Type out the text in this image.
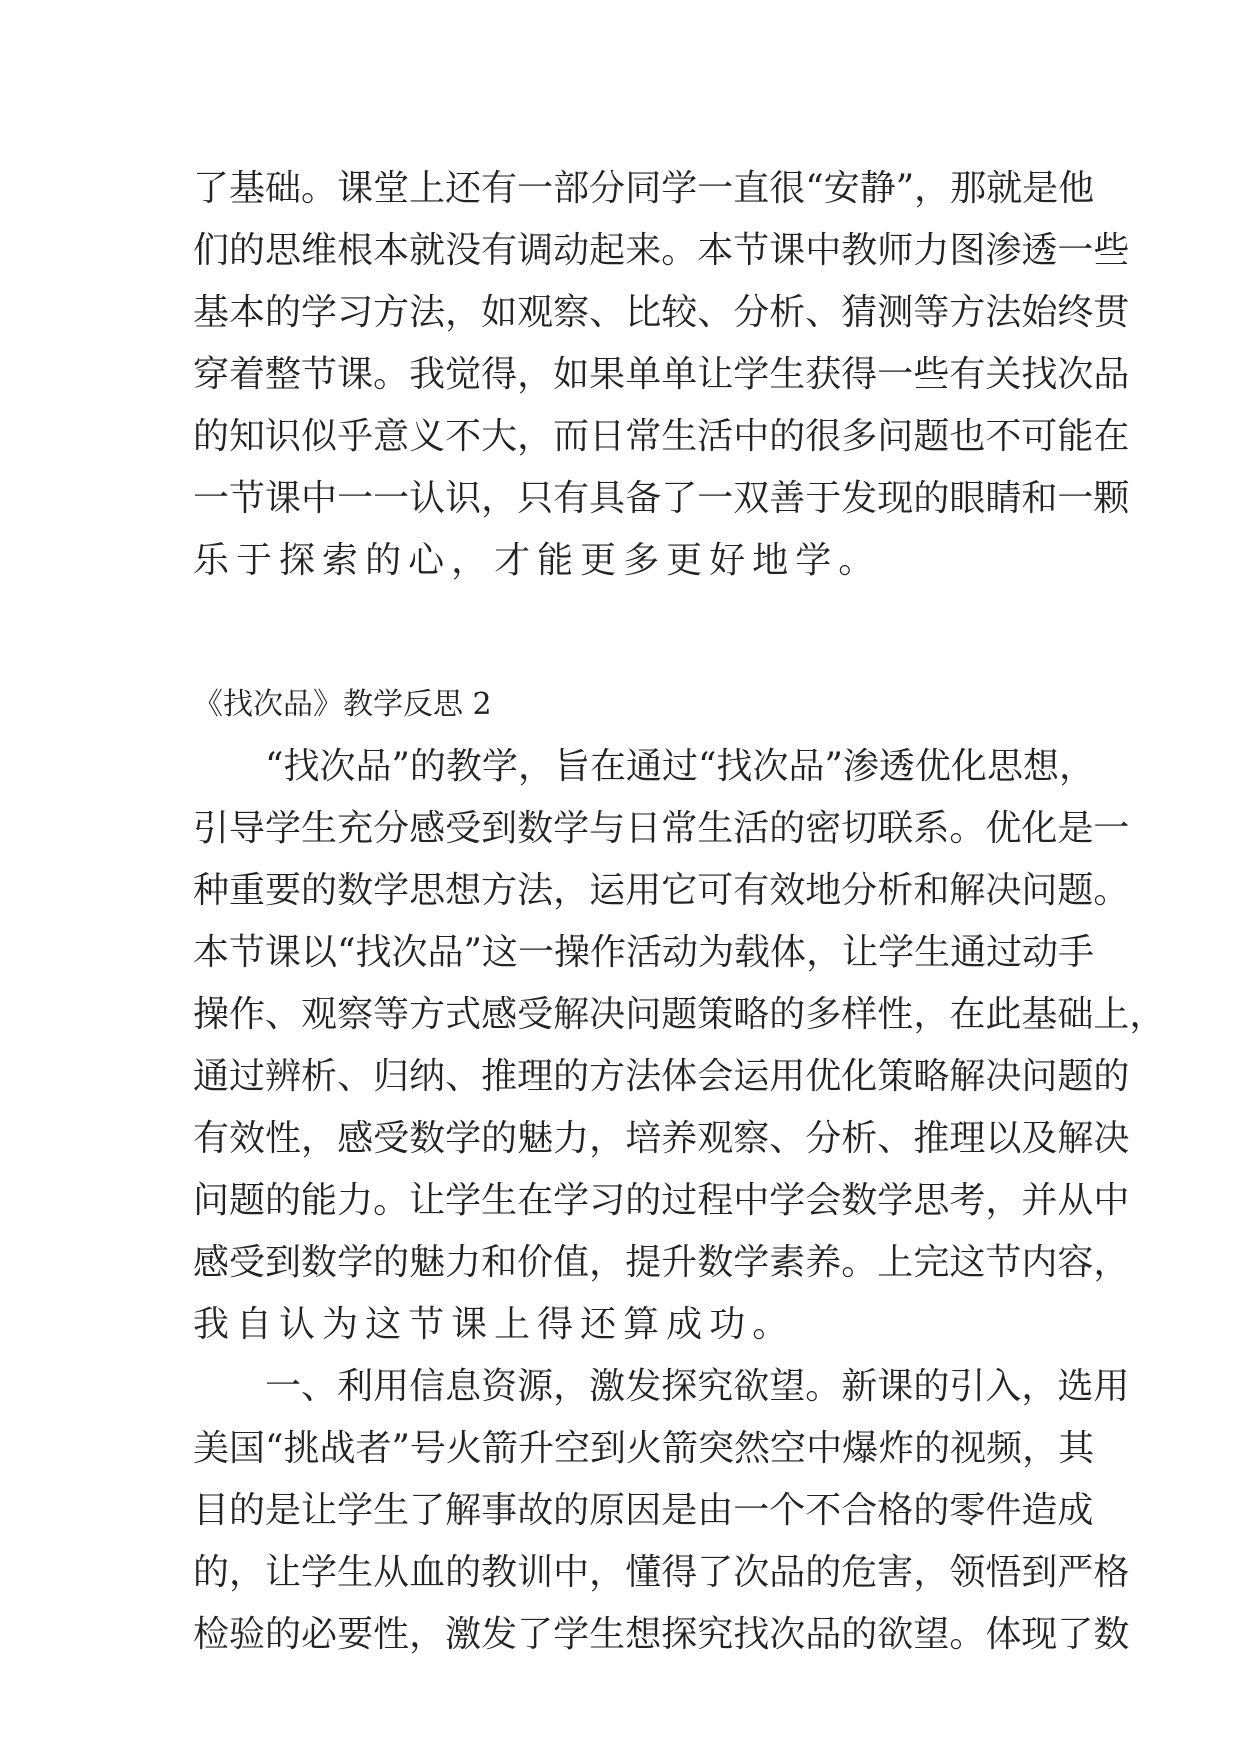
了 基 础 。 课 堂 上 还 有 一 部 分 同 学 一 直 很 “ 安 静 ” ， 那 就 是 他
们 的 思 维 根 本 就 没 有 调 动 起 来 。 本 节 课 中 教 师 力 图 渗 透 一 些
基 本 的 学 习 方 法 ， 如 观 察 、 比 较 、 分 析 、 猜 测 等 方 法 始 终 贯
穿 着 整 节 课 。 我 觉 得 ， 如 果 单 单 让 学 生 获 得 一 些 有 关 找 次 品
的 知 识 似 乎 意 义 不 大 ， 而 日 常 生 活 中 的 很 多 问 题 也 不 可 能 在
一 节 课 中 一 一 认 识 ， 只 有 具 备 了 一 双 善 于 发 现 的 眼 睛 和 一 颗
乐 于 探 索 的 心 ， 才 能 更 多 更 好 地 学 。
《找次品》教学反思 2

“ 找 次 品 ” 的 教 学 ， 旨 在 通 过 “ 找 次 品 ” 渗 透 优 化 思 想 ，
引 导 学 生 充 分 感 受 到 数 学 与 日 常 生 活 的 密 切 联 系 。 优 化 是 一
种 重 要 的 数 学 思 想 方 法 ， 运 用 它 可 有 效 地 分 析 和 解 决 问 题 。
本 节 课 以 “ 找 次 品 ” 这 一 操 作 活 动 为 载 体 ， 让 学 生 通 过 动 手
操 作 、 观 察 等 方 式 感 受 解 决 问 题 策 略 的 多 样 性 ， 在 此 基 础 上 ，
通 过 辨 析 、 归 纳 、 推 理 的 方 法 体 会 运 用 优 化 策 略 解 决 问 题 的
有 效 性 ， 感 受 数 学 的 魅 力 ， 培 养 观 察 、 分 析 、 推 理 以 及 解 决
问 题 的 能 力 。 让 学 生 在 学 习 的 过 程 中 学 会 数 学 思 考 ， 并 从 中
感 受 到 数 学 的 魅 力 和 价 值 ， 提 升 数 学 素 养 。 上 完 这 节 内 容 ，
我 自 认 为 这 节 课 上 得 还 算 成 功 。

一 、 利 用 信 息 资 源 ， 激 发 探 究 欲 望 。 新 课 的 引 入 ， 选 用
美 国 “ 挑 战 者 ” 号 火 箭 升 空 到 火 箭 突 然 空 中 爆 炸 的 视 频 ， 其
目 的 是 让 学 生 了 解 事 故 的 原 因 是 由 一 个 不 合 格 的 零 件 造 成
的 ， 让 学 生 从 血 的 教 训 中 ， 懂 得 了 次 品 的 危 害 ， 领 悟 到 严 格
检 验 的 必 要 性 ， 激 发 了 学 生 想 探 究 找 次 品 的 欲 望 。 体 现 了 数
